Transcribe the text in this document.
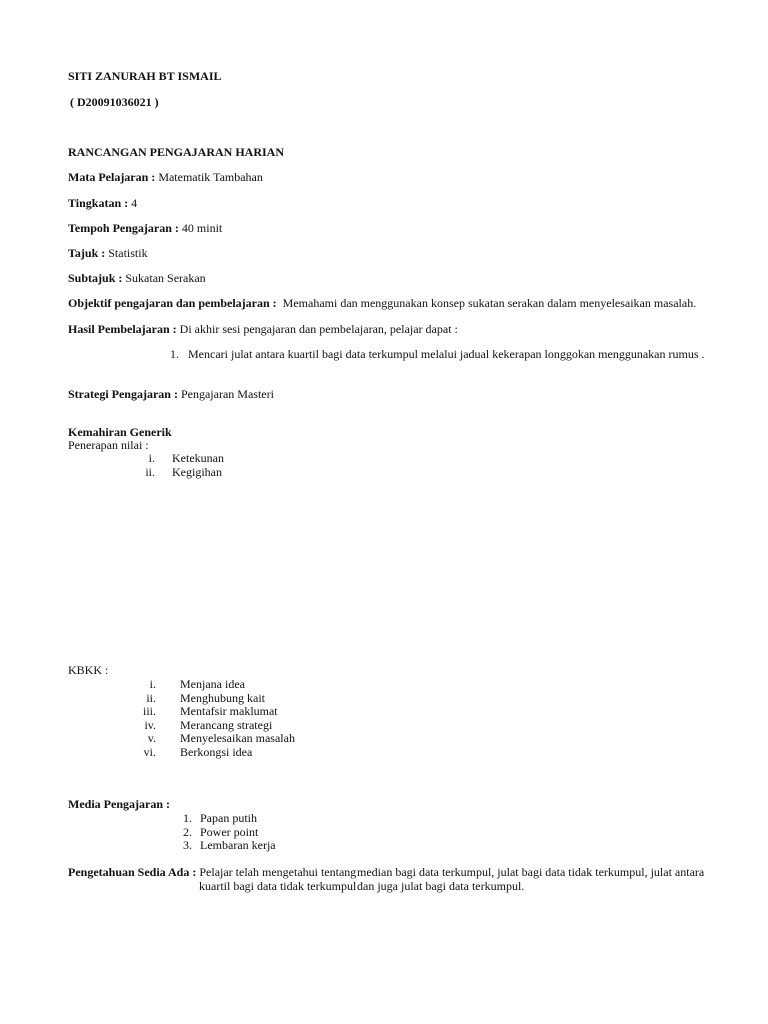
SITI ZANURAH BT ISMAIL
( D20091036021 )
RANCANGAN PENGAJARAN HARIAN
Mata Pelajaran : Matematik Tambahan
Tingkatan : 4
Tempoh Pengajaran : 40 minit
Tajuk : Statistik
Subtajuk : Sukatan Serakan
Objektif pengajaran dan pembelajaran : Memahami dan menggunakan konsep sukatan serakan dalam menyelesaikan masalah.
Hasil Pembelajaran : Di akhir sesi pengajaran dan pembelajaran, pelajar dapat :
1. Mencari julat antara kuartil bagi data terkumpul melalui jadual kekerapan longgokan menggunakan rumus .
Strategi Pengajaran : Pengajaran Masteri
Kemahiran Generik
Penerapan nilai :
i. Ketekunan
ii. Kegigihan
KBKK :
i. Menjana idea
ii. Menghubung kait
iii. Mentafsir maklumat
iv. Merancang strategi
v. Menyelesaikan masalah
vi. Berkongsi idea
Media Pengajaran :
1. Papan putih
2. Power point
3. Lembaran kerja
Pengetahuan Sedia Ada : Pelajar telah mengetahui tentang median bagi data terkumpul, julat bagi data tidak terkumpul, julat antara
kuartil bagi data tidak terkumpul dan juga julat bagi data terkumpul.
